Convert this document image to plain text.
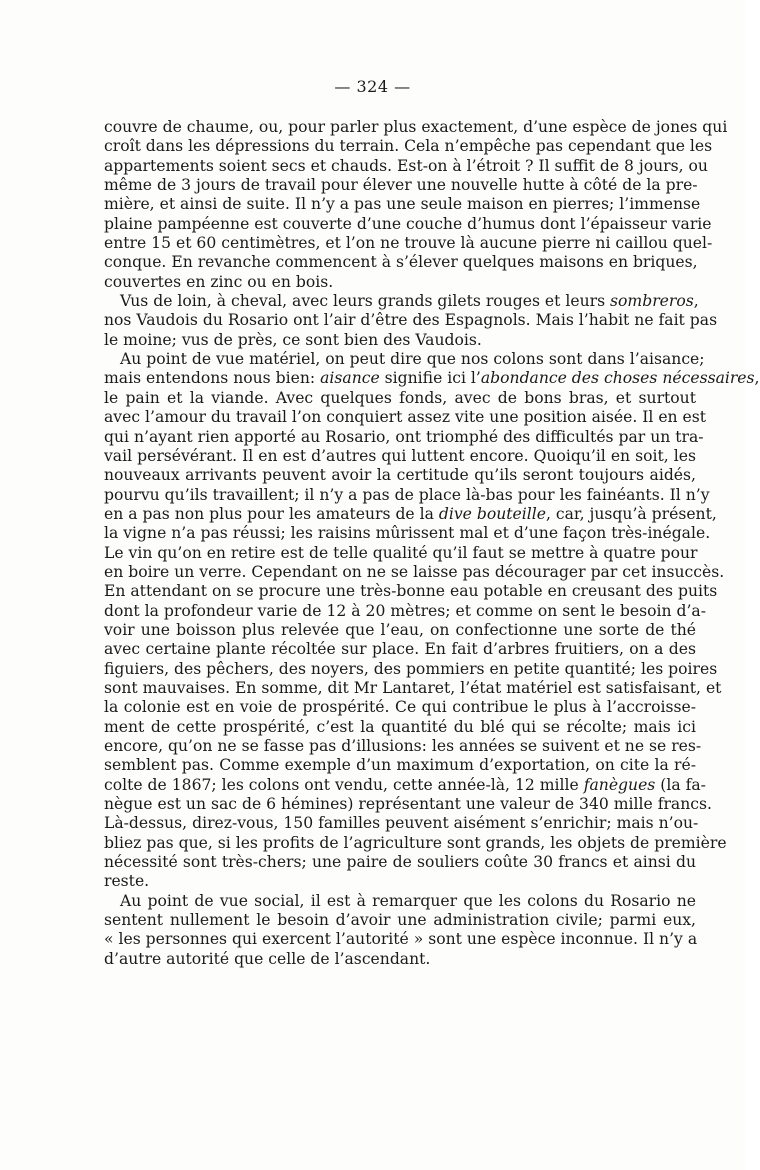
— 324 —
couvre de chaume, ou, pour parler plus exactement, d’une espèce de jones qui
croît dans les dépressions du terrain. Cela n’empêche pas cependant que les
appartements soient secs et chauds. Est-on à l’étroit ? Il suffit de 8 jours, ou
même de 3 jours de travail pour élever une nouvelle hutte à côté de la pre-
mière, et ainsi de suite. Il n’y a pas une seule maison en pierres; l’immense
plaine pampéenne est couverte d’une couche d’humus dont l’épaisseur varie
entre 15 et 60 centimètres, et l’on ne trouve là aucune pierre ni caillou quel-
conque. En revanche commencent à s’élever quelques maisons en briques,
couvertes en zinc ou en bois.
Vus de loin, à cheval, avec leurs grands gilets rouges et leurs sombreros,
nos Vaudois du Rosario ont l’air d’être des Espagnols. Mais l’habit ne fait pas
le moine; vus de près, ce sont bien des Vaudois.
Au point de vue matériel, on peut dire que nos colons sont dans l’aisance;
mais entendons nous bien: aisance signifie ici l’abondance des choses nécessaires,
le pain et la viande. Avec quelques fonds, avec de bons bras, et surtout
avec l’amour du travail l’on conquiert assez vite une position aisée. Il en est
qui n’ayant rien apporté au Rosario, ont triomphé des difficultés par un tra-
vail persévérant. Il en est d’autres qui luttent encore. Quoiqu’il en soit, les
nouveaux arrivants peuvent avoir la certitude qu’ils seront toujours aidés,
pourvu qu’ils travaillent; il n’y a pas de place là-bas pour les fainéants. Il n’y
en a pas non plus pour les amateurs de la dive bouteille, car, jusqu’à présent,
la vigne n’a pas réussi; les raisins mûrissent mal et d’une façon très-inégale.
Le vin qu’on en retire est de telle qualité qu’il faut se mettre à quatre pour
en boire un verre. Cependant on ne se laisse pas décourager par cet insuccès.
En attendant on se procure une très-bonne eau potable en creusant des puits
dont la profondeur varie de 12 à 20 mètres; et comme on sent le besoin d’a-
voir une boisson plus relevée que l’eau, on confectionne une sorte de thé
avec certaine plante récoltée sur place. En fait d’arbres fruitiers, on a des
figuiers, des pêchers, des noyers, des pommiers en petite quantité; les poires
sont mauvaises. En somme, dit Mr Lantaret, l’état matériel est satisfaisant, et
la colonie est en voie de prospérité. Ce qui contribue le plus à l’accroisse-
ment de cette prospérité, c’est la quantité du blé qui se récolte; mais ici
encore, qu’on ne se fasse pas d’illusions: les années se suivent et ne se res-
semblent pas. Comme exemple d’un maximum d’exportation, on cite la ré-
colte de 1867; les colons ont vendu, cette année-là, 12 mille fanègues (la fa-
nègue est un sac de 6 hémines) représentant une valeur de 340 mille francs.
Là-dessus, direz-vous, 150 familles peuvent aisément s’enrichir; mais n’ou-
bliez pas que, si les profits de l’agriculture sont grands, les objets de première
nécessité sont très-chers; une paire de souliers coûte 30 francs et ainsi du
reste.
Au point de vue social, il est à remarquer que les colons du Rosario ne
sentent nullement le besoin d’avoir une administration civile; parmi eux,
« les personnes qui exercent l’autorité » sont une espèce inconnue. Il n’y a
d’autre autorité que celle de l’ascendant.
